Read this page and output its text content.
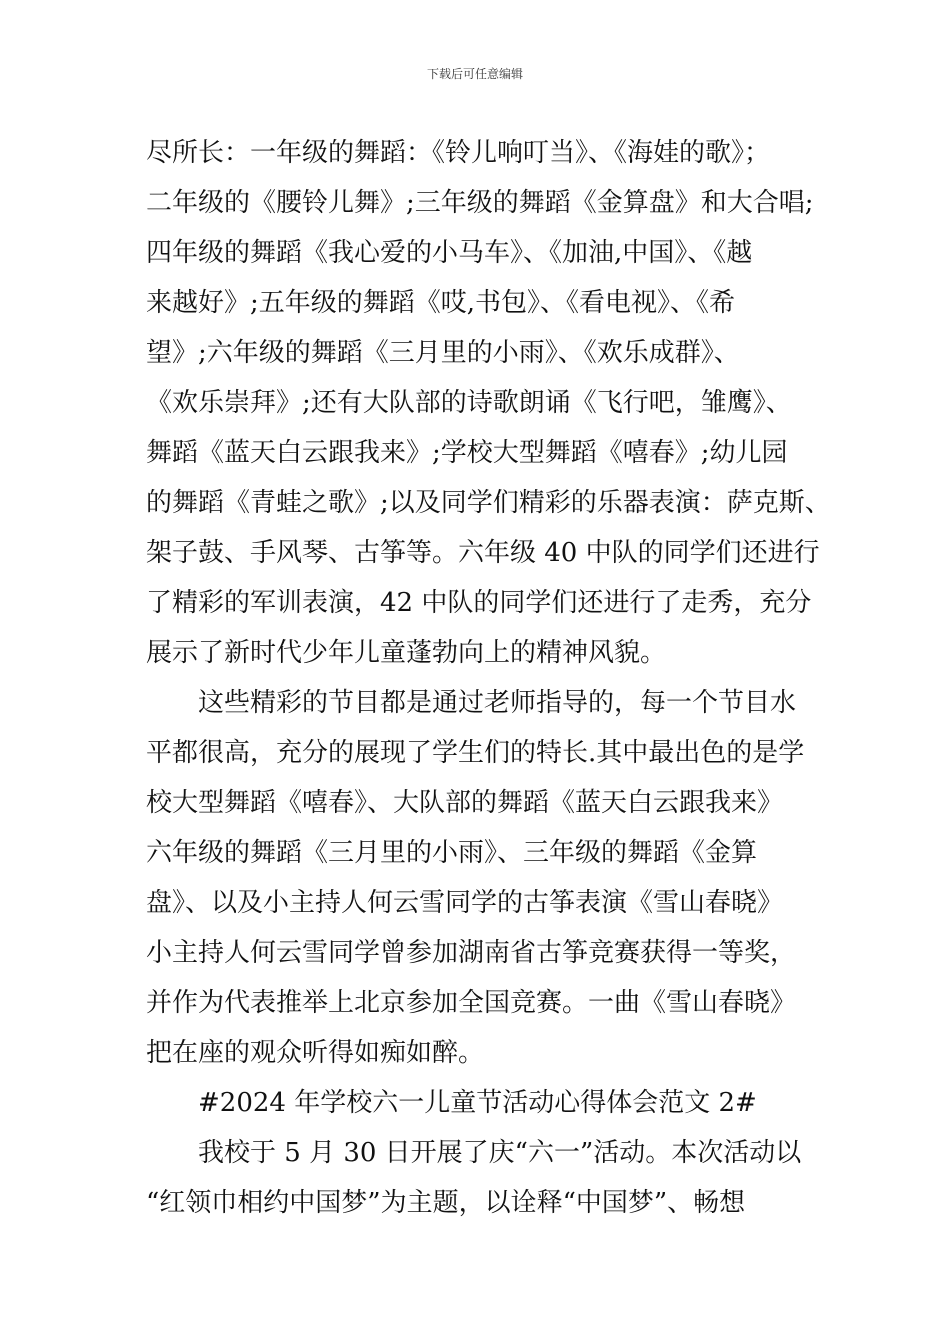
下载后可任意编辑
尽所长：一年级的舞蹈：《铃儿响叮当》、《海娃的歌》；
二年级的《腰铃儿舞》;三年级的舞蹈《金算盘》和大合唱;
四年级的舞蹈《我心爱的小马车》、《加油,中国》、《越
来越好》;五年级的舞蹈《哎,书包》、《看电视》、《希
望》;六年级的舞蹈《三月里的小雨》、《欢乐成群》、
《欢乐崇拜》;还有大队部的诗歌朗诵《飞行吧，雏鹰》、
舞蹈《蓝天白云跟我来》;学校大型舞蹈《嘻春》;幼儿园
的舞蹈《青蛙之歌》;以及同学们精彩的乐器表演：萨克斯、
架子鼓、手风琴、古筝等。六年级 40 中队的同学们还进行
了精彩的军训表演，42 中队的同学们还进行了走秀，充分
展示了新时代少年儿童蓬勃向上的精神风貌。
　　这些精彩的节目都是通过老师指导的，每一个节目水
平都很高，充分的展现了学生们的特长.其中最出色的是学
校大型舞蹈《嘻春》、大队部的舞蹈《蓝天白云跟我来》
六年级的舞蹈《三月里的小雨》、三年级的舞蹈《金算
盘》、以及小主持人何云雪同学的古筝表演《雪山春晓》
小主持人何云雪同学曾参加湖南省古筝竞赛获得一等奖，
并作为代表推举上北京参加全国竞赛。一曲《雪山春晓》
把在座的观众听得如痴如醉。
　　#2024 年学校六一儿童节活动心得体会范文 2#
　　我校于 5 月 30 日开展了庆“六一”活动。本次活动以
“红领巾相约中国梦”为主题，以诠释“中国梦”、畅想
